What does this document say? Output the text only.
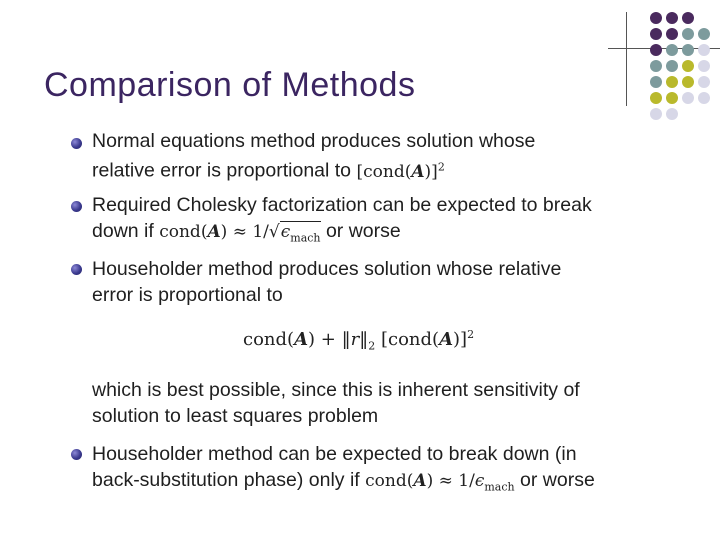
Comparison of Methods
Normal equations method produces solution whose
relative error is proportional to [cond(A)]$^2$
Required Cholesky factorization can be expected to break
down if cond(A) ≈ $1/√\epsilon_{mach}$ or worse
Householder method produces solution whose relative
error is proportional to
cond(A) + $‖r‖_2$ [cond(A)]$^2$
which is best possible, since this is inherent sensitivity of
solution to least squares problem
Householder method can be expected to break down (in
back-substitution phase) only if cond(A) ≈ $1/\epsilon_{mach}$ or worse
